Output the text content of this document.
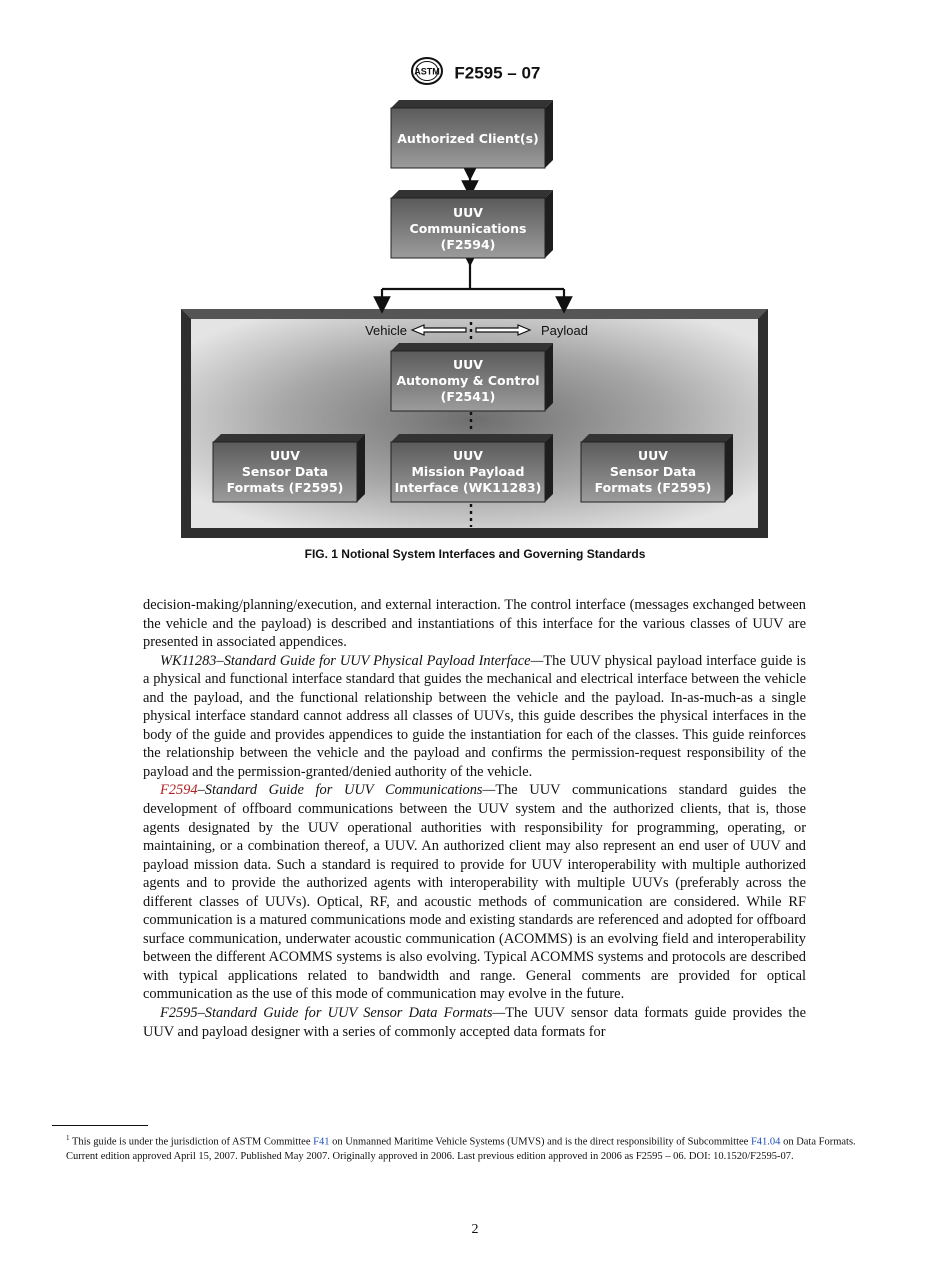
ASTM F2595 – 07
Vehicle	Payload
Authorized Client(s)
UUV
Communications
(F2594)
UUV
Autonomy & Control
(F2541)
UUV
Sensor Data
Formats (F2595)
UUV
Mission Payload
Interface (WK11283)
UUV
Sensor Data
Formats (F2595)
FIG. 1 Notional System Interfaces and Governing Standards

decision-making/planning/execution, and external interaction. The control interface (messages exchanged between the vehicle and the payload) is described and instantiations of this interface for the various classes of UUV are presented in associated appendices.

WK11283–Standard Guide for UUV Physical Payload Interface—The UUV physical payload interface guide is a physical and functional interface standard that guides the mechanical and electrical interface between the vehicle and the payload, and the functional relationship between the vehicle and the payload. In-as-much-as a single physical interface standard cannot address all classes of UUVs, this guide describes the physical interfaces in the body of the guide and provides appendices to guide the instantiation for each of the classes. This guide reinforces the relationship between the vehicle and the payload and confirms the permission-request responsibility of the payload and the permission-granted/denied authority of the vehicle.

F2594–Standard Guide for UUV Communications—The UUV communications standard guides the development of offboard communications between the UUV system and the authorized clients, that is, those agents designated by the UUV operational authorities with responsibility for programming, operating, or maintaining, or a combination thereof, a UUV. An authorized client may also represent an end user of UUV and payload mission data. Such a standard is required to provide for UUV interoperability with multiple authorized agents and to provide the authorized agents with interoperability with multiple UUVs (preferably across the different classes of UUVs). Optical, RF, and acoustic methods of communication are considered. While RF communication is a matured communications mode and existing standards are referenced and adopted for offboard surface communication, underwater acoustic communication (ACOMMS) is an evolving field and interoperability between the different ACOMMS systems is also evolving. Typical ACOMMS systems and protocols are described with typical applications related to bandwidth and range. General comments are provided for optical communication as the use of this mode of communication may evolve in the future.

F2595–Standard Guide for UUV Sensor Data Formats—The UUV sensor data formats guide provides the UUV and payload designer with a series of commonly accepted data formats for

$^1$ This guide is under the jurisdiction of ASTM Committee F41 on Unmanned Maritime Vehicle Systems (UMVS) and is the direct responsibility of Subcommittee F41.04 on Data Formats.

Current edition approved April 15, 2007. Published May 2007. Originally approved in 2006. Last previous edition approved in 2006 as F2595 – 06. DOI: 10.1520/F2595-07.

2
